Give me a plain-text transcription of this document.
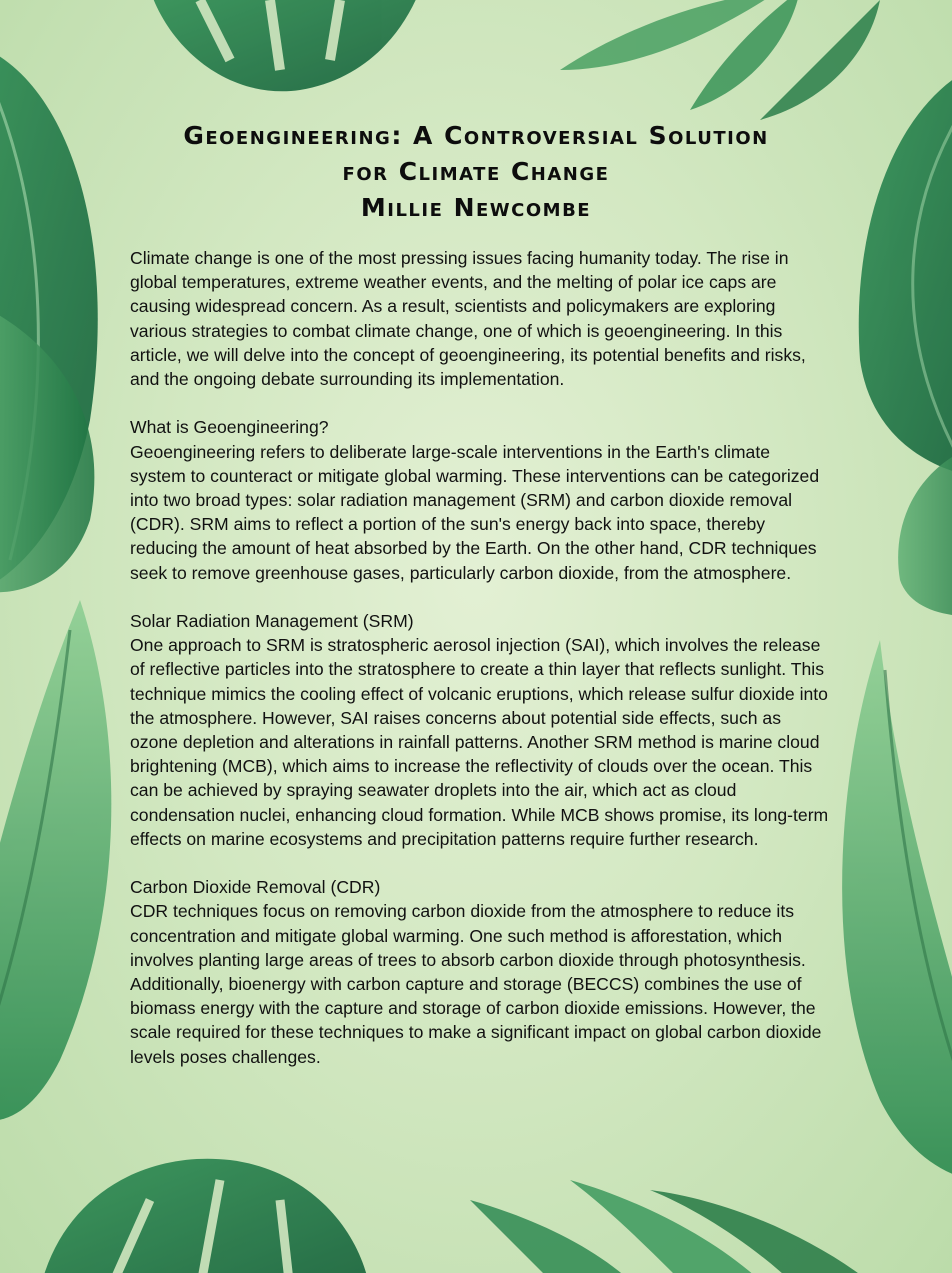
Geoengineering: A Controversial Solution
for Climate Change
Millie Newcombe

Climate change is one of the most pressing issues facing humanity today. The rise in global temperatures, extreme weather events, and the melting of polar ice caps are causing widespread concern. As a result, scientists and policymakers are exploring various strategies to combat climate change, one of which is geoengineering. In this article, we will delve into the concept of geoengineering, its potential benefits and risks, and the ongoing debate surrounding its implementation.

What is Geoengineering?
Geoengineering refers to deliberate large-scale interventions in the Earth's climate system to counteract or mitigate global warming. These interventions can be categorized into two broad types: solar radiation management (SRM) and carbon dioxide removal (CDR). SRM aims to reflect a portion of the sun's energy back into space, thereby reducing the amount of heat absorbed by the Earth. On the other hand, CDR techniques seek to remove greenhouse gases, particularly carbon dioxide, from the atmosphere.

Solar Radiation Management (SRM)
One approach to SRM is stratospheric aerosol injection (SAI), which involves the release of reflective particles into the stratosphere to create a thin layer that reflects sunlight. This technique mimics the cooling effect of volcanic eruptions, which release sulfur dioxide into the atmosphere. However, SAI raises concerns about potential side effects, such as ozone depletion and alterations in rainfall patterns. Another SRM method is marine cloud brightening (MCB), which aims to increase the reflectivity of clouds over the ocean. This can be achieved by spraying seawater droplets into the air, which act as cloud condensation nuclei, enhancing cloud formation. While MCB shows promise, its long-term effects on marine ecosystems and precipitation patterns require further research.

Carbon Dioxide Removal (CDR)
CDR techniques focus on removing carbon dioxide from the atmosphere to reduce its concentration and mitigate global warming. One such method is afforestation, which involves planting large areas of trees to absorb carbon dioxide through photosynthesis. Additionally, bioenergy with carbon capture and storage (BECCS) combines the use of biomass energy with the capture and storage of carbon dioxide emissions. However, the scale required for these techniques to make a significant impact on global carbon dioxide levels poses challenges.
